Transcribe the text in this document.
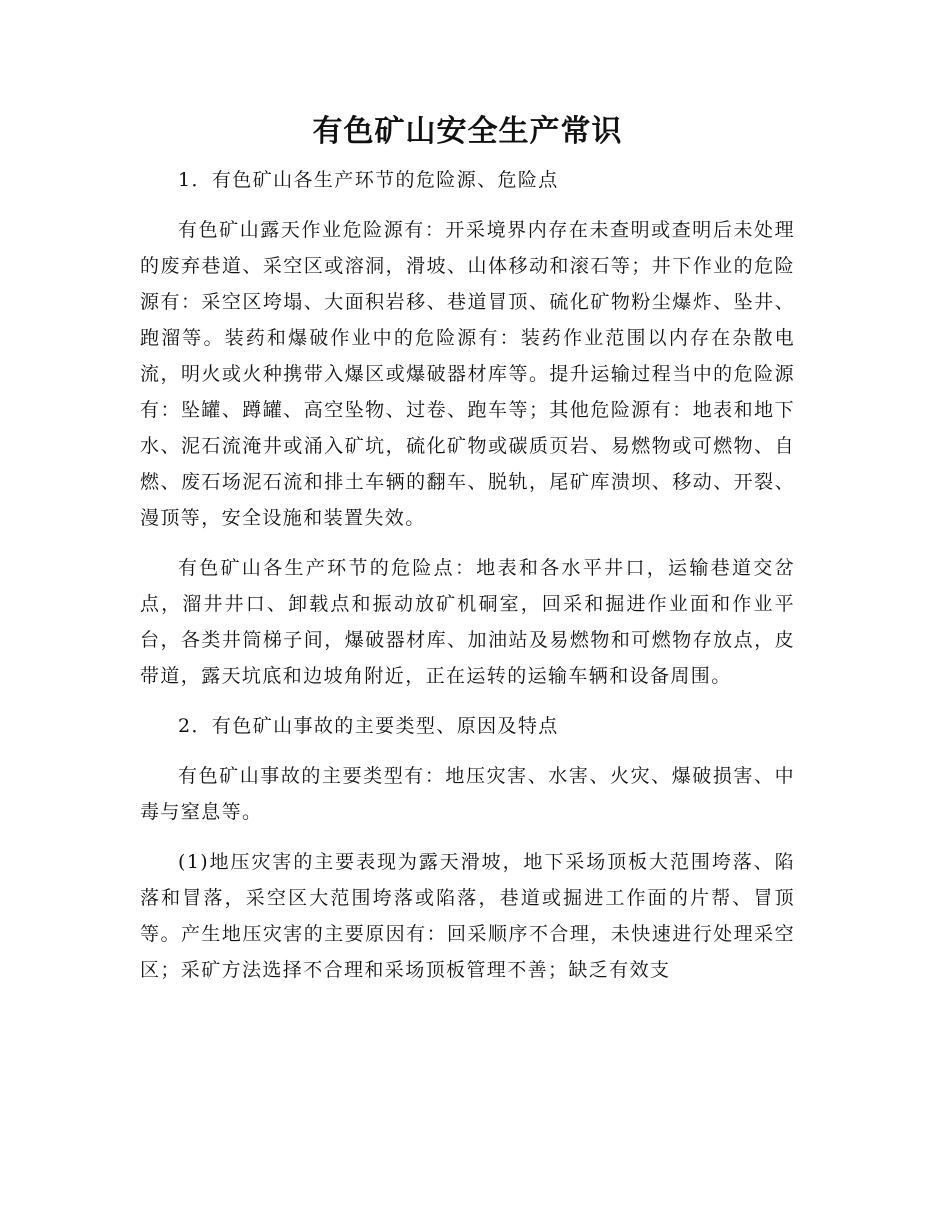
有色矿山安全生产常识

1．有色矿山各生产环节的危险源、危险点

有色矿山露天作业危险源有：开采境界内存在未查明或查明后未处理的废弃巷道、采空区或溶洞，滑坡、山体移动和滚石等；井下作业的危险源有：采空区垮塌、大面积岩移、巷道冒顶、硫化矿物粉尘爆炸、坠井、跑溜等。装药和爆破作业中的危险源有：装药作业范围以内存在杂散电流，明火或火种携带入爆区或爆破器材库等。提升运输过程当中的危险源有：坠罐、蹲罐、高空坠物、过卷、跑车等；其他危险源有：地表和地下水、泥石流淹井或涌入矿坑，硫化矿物或碳质页岩、易燃物或可燃物、自燃、废石场泥石流和排土车辆的翻车、脱轨，尾矿库溃坝、移动、开裂、漫顶等，安全设施和装置失效。

有色矿山各生产环节的危险点：地表和各水平井口，运输巷道交岔点，溜井井口、卸载点和振动放矿机硐室，回采和掘进作业面和作业平台，各类井筒梯子间，爆破器材库、加油站及易燃物和可燃物存放点，皮带道，露天坑底和边坡角附近，正在运转的运输车辆和设备周围。

2．有色矿山事故的主要类型、原因及特点

有色矿山事故的主要类型有：地压灾害、水害、火灾、爆破损害、中毒与窒息等。

(1)地压灾害的主要表现为露天滑坡，地下采场顶板大范围垮落、陷落和冒落，采空区大范围垮落或陷落，巷道或掘进工作面的片帮、冒顶等。产生地压灾害的主要原因有：回采顺序不合理，未快速进行处理采空区；采矿方法选择不合理和采场顶板管理不善；缺乏有效支
